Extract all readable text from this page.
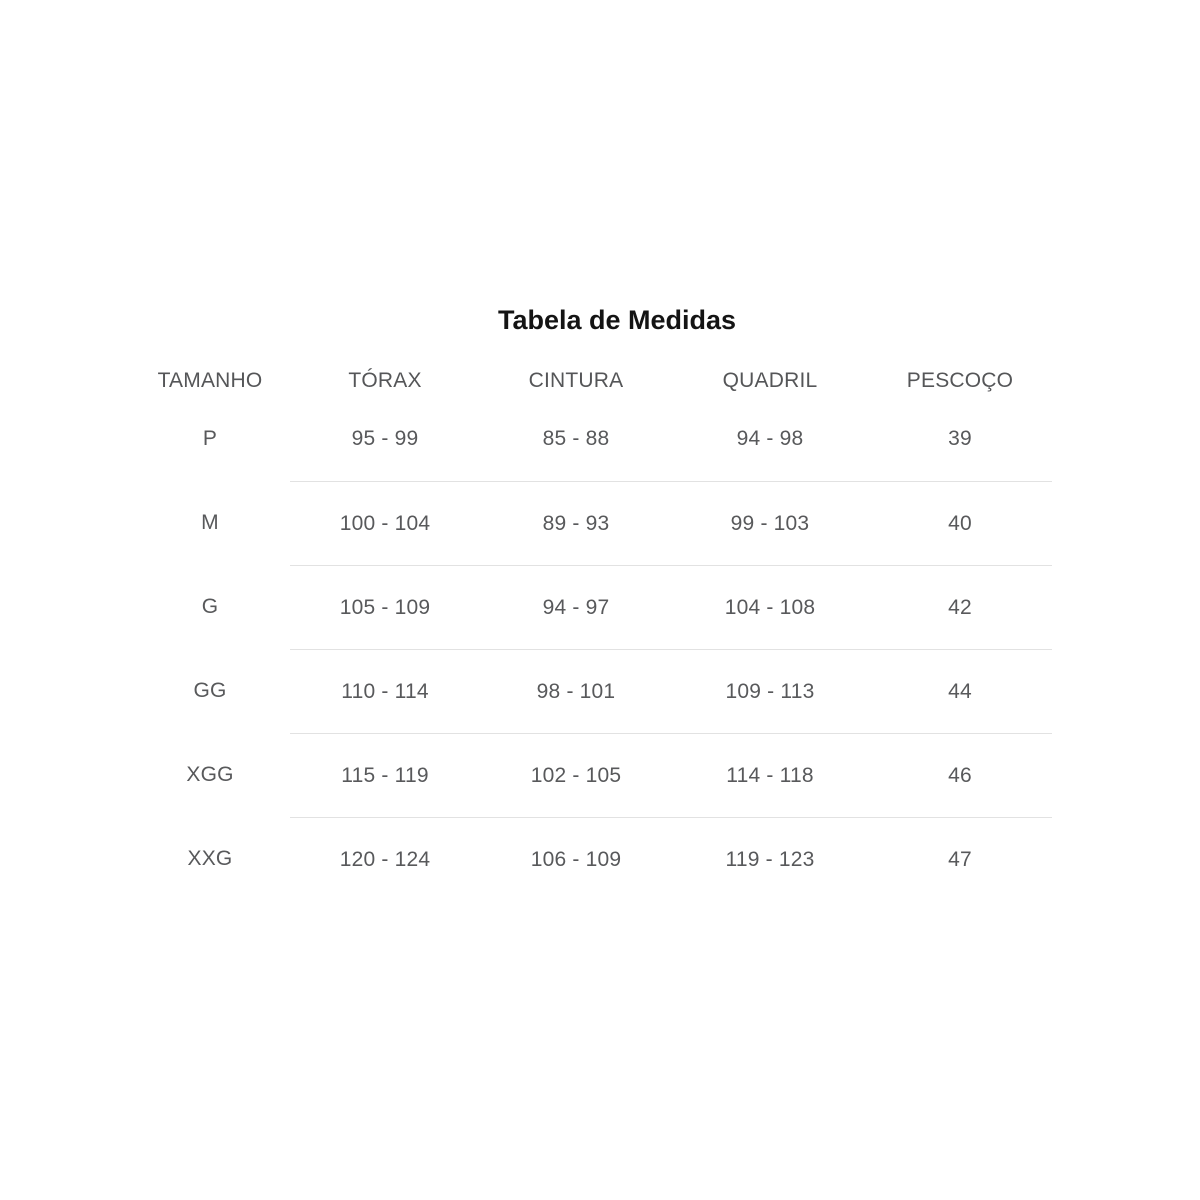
Tabela de Medidas
TAMANHO	TÓRAX	CINTURA	QUADRIL	PESCOÇO
P	95 - 99	85 - 88	94 - 98	39
M	100 - 104	89 - 93	99 - 103	40
G	105 - 109	94 - 97	104 - 108	42
GG	110 - 114	98 - 101	109 - 113	44
XGG	115 - 119	102 - 105	114 - 118	46
XXG	120 - 124	106 - 109	119 - 123	47
